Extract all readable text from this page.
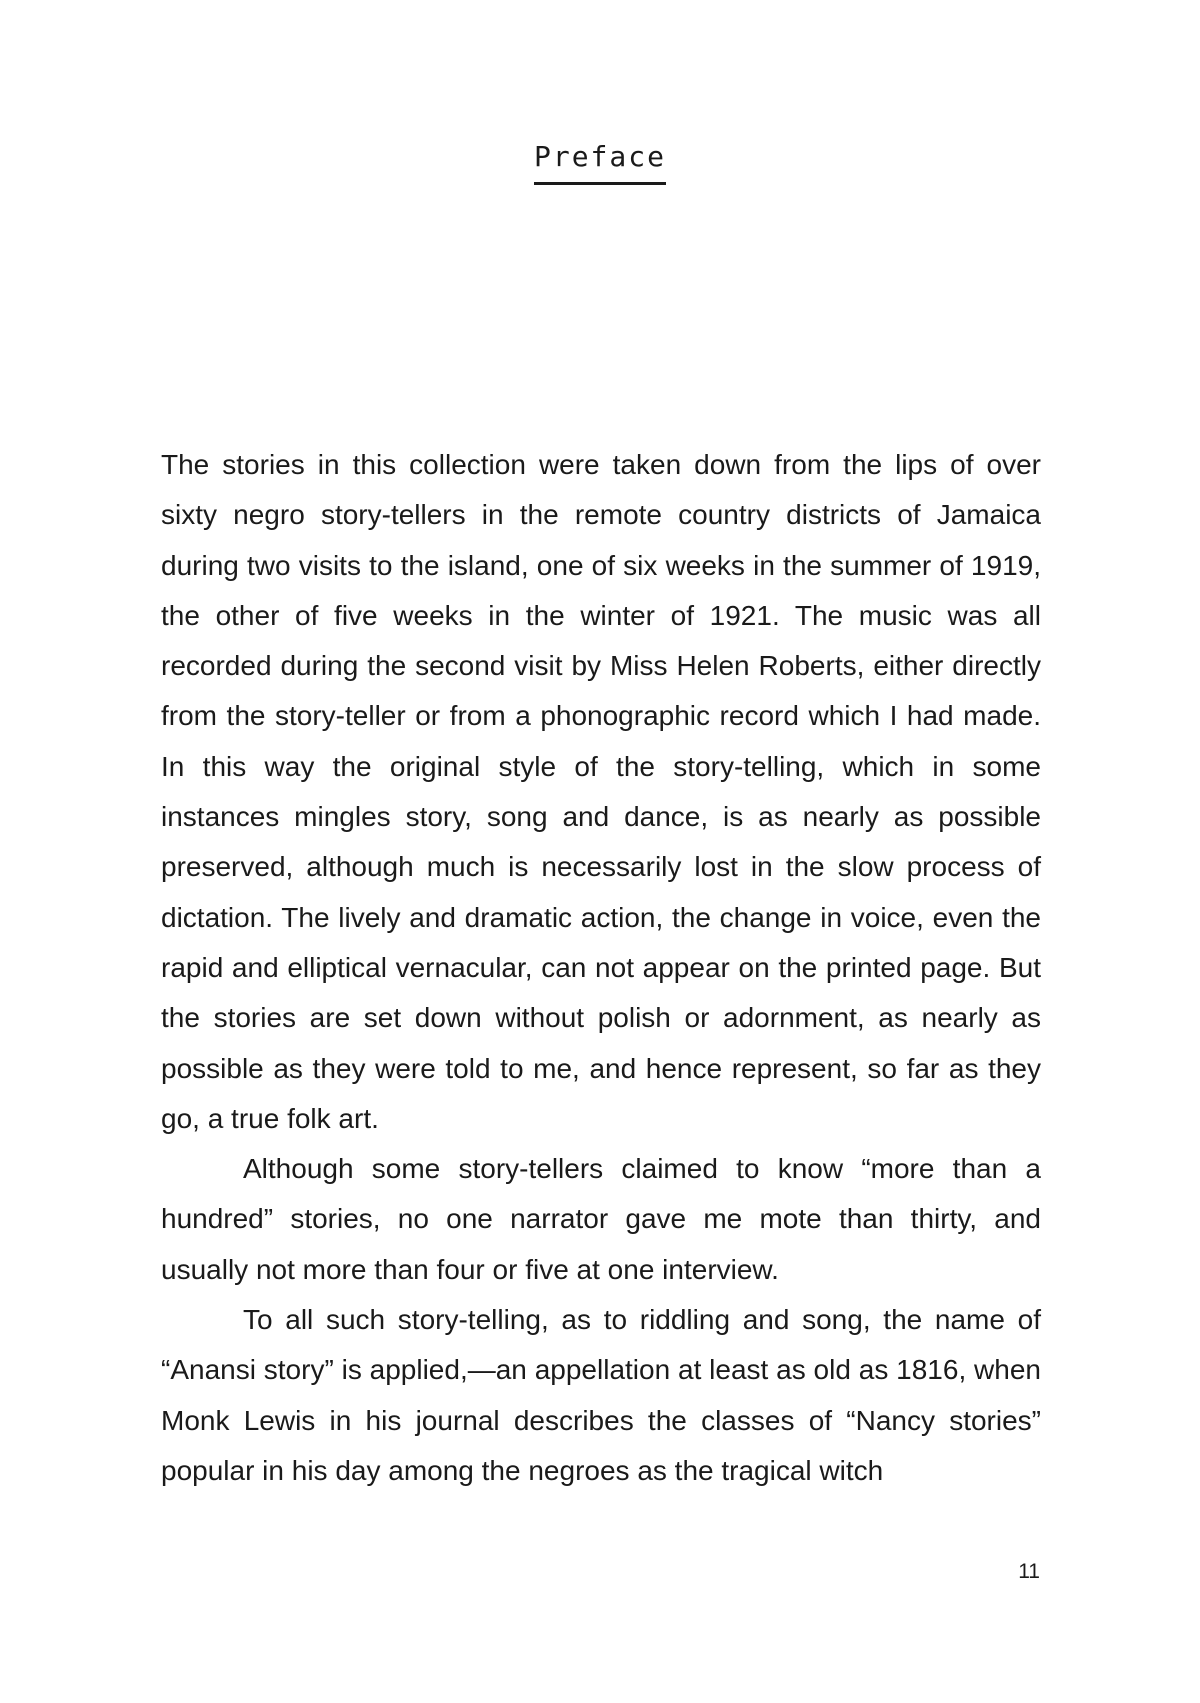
Preface

The stories in this collection were taken down from the lips of over sixty negro story-tellers in the remote country districts of Jamaica during two visits to the island, one of six weeks in the summer of 1919, the other of five weeks in the winter of 1921. The music was all recorded during the second visit by Miss Helen Roberts, either directly from the story-teller or from a phonographic record which I had made. In this way the original style of the story-telling, which in some instances mingles story, song and dance, is as nearly as possible preserved, although much is necessarily lost in the slow process of dictation. The lively and dramatic action, the change in voice, even the rapid and elliptical vernacular, can not appear on the printed page. But the stories are set down without polish or adornment, as nearly as possible as they were told to me, and hence represent, so far as they go, a true folk art.

Although some story-tellers claimed to know “more than a hundred” stories, no one narrator gave me mote than thirty, and usually not more than four or five at one interview.

To all such story-telling, as to riddling and song, the name of “Anansi story” is applied,—an appellation at least as old as 1816, when Monk Lewis in his journal describes the classes of “Nancy stories” popular in his day among the negroes as the tragical witch

11
